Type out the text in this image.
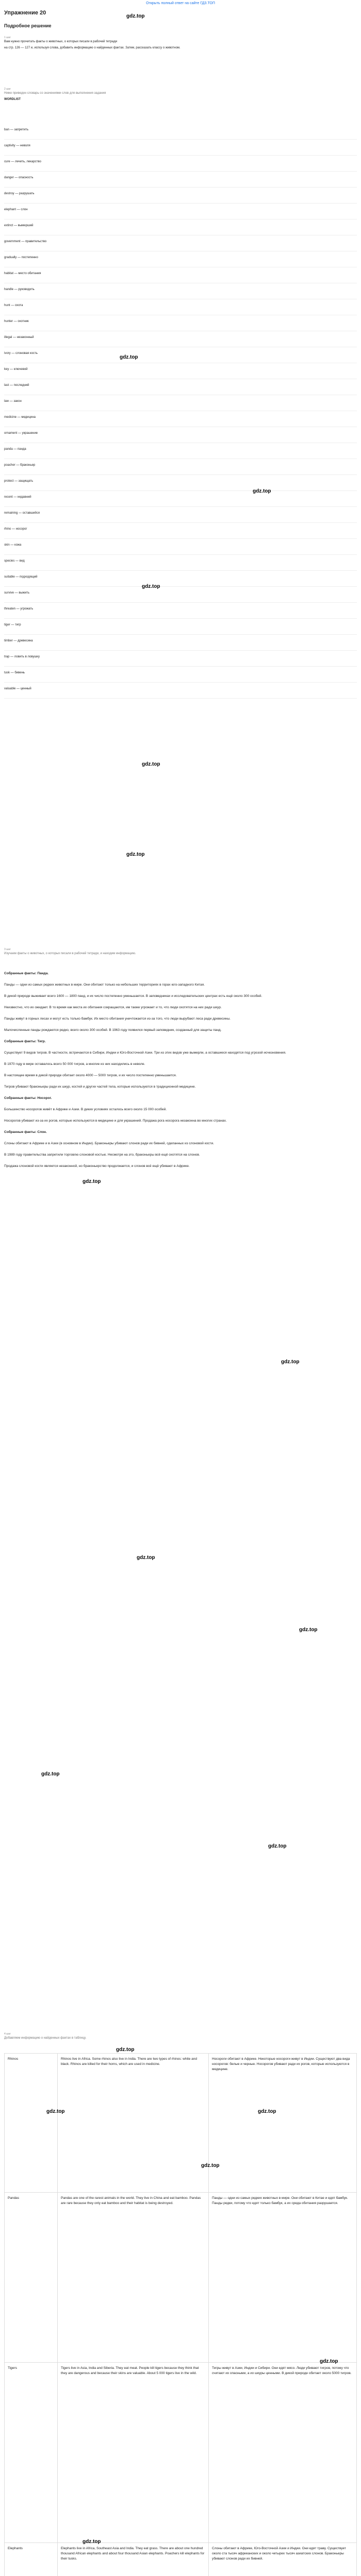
Открыть полный ответ на сайте ГДЗ.ТОП
Упражнение 20
gdz.top
Подробное решение
1 шаг

Вам нужно прочитать факты о животных, о которых писали в рабочей тетради

на стр. 126 — 127 и, используя слова, добавить информацию о найденных фактах. Затем, рассказать классу о животном.

2 шаг

Ниже приведен словарь со значениями слов для выполнения задания

WORDLIST

ban — запретить
captivity — неволя
cure — лечить, лекарство
danger — опасность
destroy — разрушать
elephant — слон
extinct — вымерший
government — правительство
gradually — постепенно
habitat — место обитания
handle — руководить
hunt — охота
hunter — охотник
illegal — незаконный
ivory — слоновая кость
key — ключевой
last — последний
law — закон
medicine — медицина
ornament — украшение
panda — панда
poacher — браконьер
protect — защищать
recent — недавний
remaining — оставшийся
rhino — носорог
skin — кожа
species — вид
suitable — подходящий
survive — выжить
threaten — угрожать
tiger — тигр
timber — древесина
trap — ловить в ловушку
tusk — бивень
valuable — ценный
3 шаг

Изучаем факты о животных, о которых писали в рабочей тетради, и находим информацию.

Собранные факты: Панда.

Панды — одни из самых редких животных в мире. Они обитают только на небольших территориях в горах юго-западного Китая.

В дикой природе выживает всего 1600 — 1800 панд, и их число постепенно уменьшается. В заповедниках и исследовательских центрах есть ещё около 300 особей.

Неизвестно, что их ожидает. В то время как места их обитания сокращаются, им также угрожает и то, что люди охотятся на них ради шкур.

Панды живут в горных лесах и могут есть только бамбук. Их место обитания уничтожается из-за того, что люди вырубают леса ради древесины.

Малочисленные панды рождаются редко, всего около 300 особей. В 1963 году появился первый заповедник, созданный для защиты панд.

Собранные факты: Тигр.

Существует 9 видов тигров. В частности, встречаются в Сибири, Индии и Юго-Восточной Азии. Три из этих видов уже вымерли, а оставшиеся находятся под угрозой исчезновения.

В 1970 году в мире оставалось всего 50 000 тигров, а многие из них находились в неволе.

В настоящее время в дикой природе обитает около 4000 — 5000 тигров, и их число постепенно уменьшается.

Тигров убивают браконьеры ради их шкур, костей и других частей тела, которые используются в традиционной медицине.

Собранные факты: Носорог.

Большинство носорогов живёт в Африке и Азии. В диких условиях осталось всего около 15 000 особей.

Носорогов убивают из-за их рогов, которые используются в медицине и для украшений. Продажа рога носорога незаконна во многих странах.

Собранные факты: Слон.

Слоны обитают в Африке и в Азии (в основном в Индии). Браконьеры убивают слонов ради их бивней, сделанных из слоновой кости.

В 1989 году правительства запретили торговлю слоновой костью. Несмотря на это, браконьеры всё ещё охотятся на слонов.

Продажа слоновой кости является незаконной, но браконьерство продолжается, и слонов всё ещё убивают в Африке.

4 шаг

Добавляем информацию о найденных фактах в таблицу.

Rhinos	Rhinos live in Africa. Some rhinos also live in India. There are two types of rhinos: white and black. Rhinos are killed for their horns, which are used in medicine.	Носороги обитают в Африке. Некоторые носороги живут в Индии. Существуют два вида носорогов: белые и черные. Носорогов убивают ради их рогов, которые используются в медицине.
Pandas	Pandas are one of the rarest animals in the world. They live in China and eat bamboo. Pandas are rare because they only eat bamboo and their habitat is being destroyed.	Панды — одни из самых редких животных в мире. Они обитают в Китае и едят бамбук. Панды редки, потому что едят только бамбук, а их среда обитания разрушается.
Tigers	Tigers live in Asia, India and Siberia. They eat meat. People kill tigers because they think that they are dangerous and because their skins are valuable. About 5 000 tigers live in the wild.	Тигры живут в Азии, Индии и Сибири. Они едят мясо. Люди убивают тигров, потому что считают их опасными, а их шкуры ценными. В дикой природе обитает около 5000 тигров.
Elephants	Elephants live in Africa, Southeast Asia and India. They eat grass. There are about one hundred thousand African elephants and about four thousand Asian elephants. Poachers kill elephants for their tusks.	Слоны обитают в Африке, Юго-Восточной Азии и Индии. Они едят траву. Существует около ста тысяч африканских и около четырех тысяч азиатских слонов. Браконьеры убивают слонов ради их бивней.

gdz.top
gdz.top
gdz.top
gdz.top
gdz.top
gdz.top
gdz.top
gdz.top
gdz.top
gdz.top
gdz.top
gdz.top
gdz.top	gdz.top
gdz.top
gdz.top
gdz.top
